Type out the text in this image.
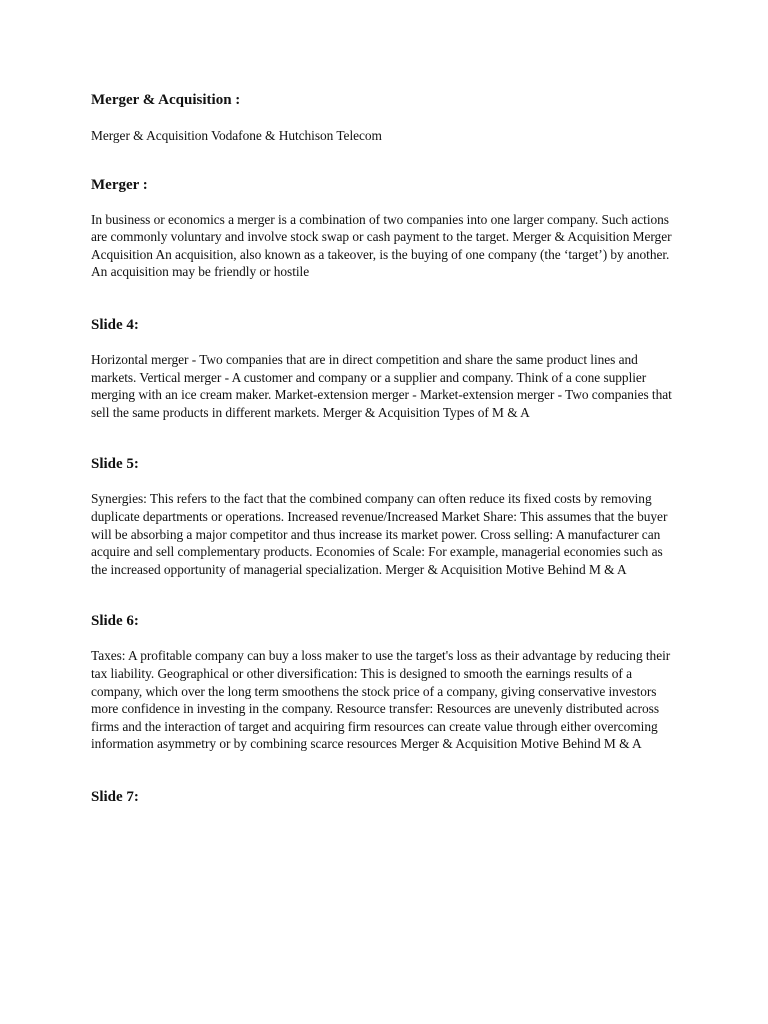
Merger & Acquisition :

Merger & Acquisition Vodafone & Hutchison Telecom

Merger :

In business or economics a merger is a combination of two companies into one larger company. Such actions are commonly voluntary and involve stock swap or cash payment to the target. Merger & Acquisition Merger Acquisition An acquisition, also known as a takeover, is the buying of one company (the ‘target’) by another. An acquisition may be friendly or hostile

Slide 4:

Horizontal merger - Two companies that are in direct competition and share the same product lines and markets. Vertical merger - A customer and company or a supplier and company. Think of a cone supplier merging with an ice cream maker. Market-extension merger - Market-extension merger - Two companies that sell the same products in different markets. Merger & Acquisition Types of M & A

Slide 5:

Synergies: This refers to the fact that the combined company can often reduce its fixed costs by removing duplicate departments or operations. Increased revenue/Increased Market Share: This assumes that the buyer will be absorbing a major competitor and thus increase its market power. Cross selling: A manufacturer can acquire and sell complementary products. Economies of Scale: For example, managerial economies such as the increased opportunity of managerial specialization. Merger & Acquisition Motive Behind M & A

Slide 6:

Taxes: A profitable company can buy a loss maker to use the target's loss as their advantage by reducing their tax liability. Geographical or other diversification: This is designed to smooth the earnings results of a company, which over the long term smoothens the stock price of a company, giving conservative investors more confidence in investing in the company. Resource transfer: Resources are unevenly distributed across firms and the interaction of target and acquiring firm resources can create value through either overcoming information asymmetry or by combining scarce resources Merger & Acquisition Motive Behind M & A

Slide 7:
